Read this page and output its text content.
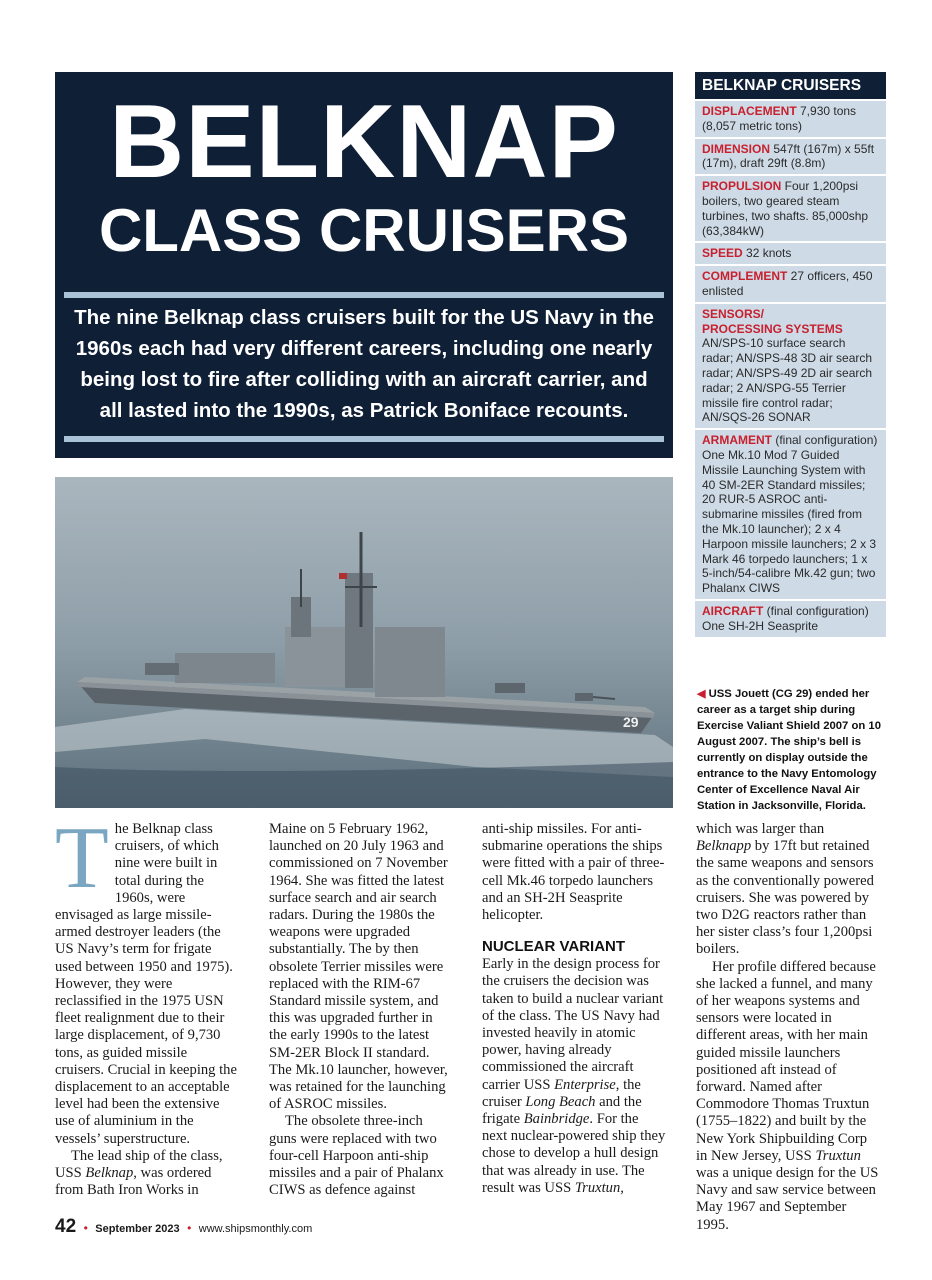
BELKNAP
CLASS CRUISERS
The nine Belknap class cruisers built for the US Navy in the 1960s each had very different careers, including one nearly being lost to fire after colliding with an aircraft carrier, and all lasted into the 1990s, as Patrick Boniface recounts.
29
BELKNAP CRUISERS
DISPLACEMENT 7,930 tons (8,057 metric tons)
DIMENSION 547ft (167m) x 55ft (17m), draft 29ft (8.8m)
PROPULSION Four 1,200psi boilers, two geared steam turbines, two shafts. 85,000shp (63,384kW)
SPEED 32 knots
COMPLEMENT 27 officers, 450 enlisted
SENSORS/
PROCESSING SYSTEMS AN/SPS-10 surface search radar; AN/SPS-48 3D air search radar; AN/SPS-49 2D air search radar; 2 AN/SPG-55 Terrier missile fire control radar; AN/SQS-26 SONAR
ARMAMENT (final configuration) One Mk.10 Mod 7 Guided Missile Launching System with 40 SM-2ER Standard missiles; 20 RUR-5 ASROC anti-submarine missiles (fired from the Mk.10 launcher); 2 x 4 Harpoon missile launchers; 2 x 3 Mark 46 torpedo launchers; 1 x 5-inch/54-calibre Mk.42 gun; two Phalanx CIWS
AIRCRAFT (final configuration) One SH-2H Seasprite
◀ USS Jouett (CG 29) ended her career as a target ship during Exercise Valiant Shield 2007 on 10 August 2007. The ship’s bell is currently on display outside the entrance to the Navy Entomology Center of Excellence Naval Air Station in Jacksonville, Florida.

The Belknap class cruisers, of which nine were built in total during the 1960s, were envisaged as large missile-armed destroyer leaders (the US Navy’s term for frigate used between 1950 and 1975). However, they were reclassified in the 1975 USN fleet realignment due to their large displacement, of 9,730 tons, as guided missile cruisers. Crucial in keeping the displacement to an acceptable level had been the extensive use of aluminium in the vessels’ superstructure.

The lead ship of the class, USS Belknap, was ordered from Bath Iron Works in

Maine on 5 February 1962, launched on 20 July 1963 and commissioned on 7 November 1964. She was fitted the latest surface search and air search radars. During the 1980s the weapons were upgraded substantially. The by then obsolete Terrier missiles were replaced with the RIM-67 Standard missile system, and this was upgraded further in the early 1990s to the latest SM-2ER Block II standard. The Mk.10 launcher, however, was retained for the launching of ASROC missiles.

The obsolete three-inch guns were replaced with two four-cell Harpoon anti-ship missiles and a pair of Phalanx CIWS as defence against

anti-ship missiles. For anti-submarine operations the ships were fitted with a pair of three-cell Mk.46 torpedo launchers and an SH-2H Seasprite helicopter.

NUCLEAR VARIANT

Early in the design process for the cruisers the decision was taken to build a nuclear variant of the class. The US Navy had invested heavily in atomic power, having already commissioned the aircraft carrier USS Enterprise, the cruiser Long Beach and the frigate Bainbridge. For the next nuclear-powered ship they chose to develop a hull design that was already in use. The result was USS Truxtun,

which was larger than Belknapp by 17ft but retained the same weapons and sensors as the conventionally powered cruisers. She was powered by two D2G reactors rather than her sister class’s four 1,200psi boilers.

Her profile differed because she lacked a funnel, and many of her weapons systems and sensors were located in different areas, with her main guided missile launchers positioned aft instead of forward. Named after Commodore Thomas Truxtun (1755–1822) and built by the New York Shipbuilding Corp in New Jersey, USS Truxtun was a unique design for the US Navy and saw service between May 1967 and September 1995.

42 • September 2023 • www.shipsmonthly.com
